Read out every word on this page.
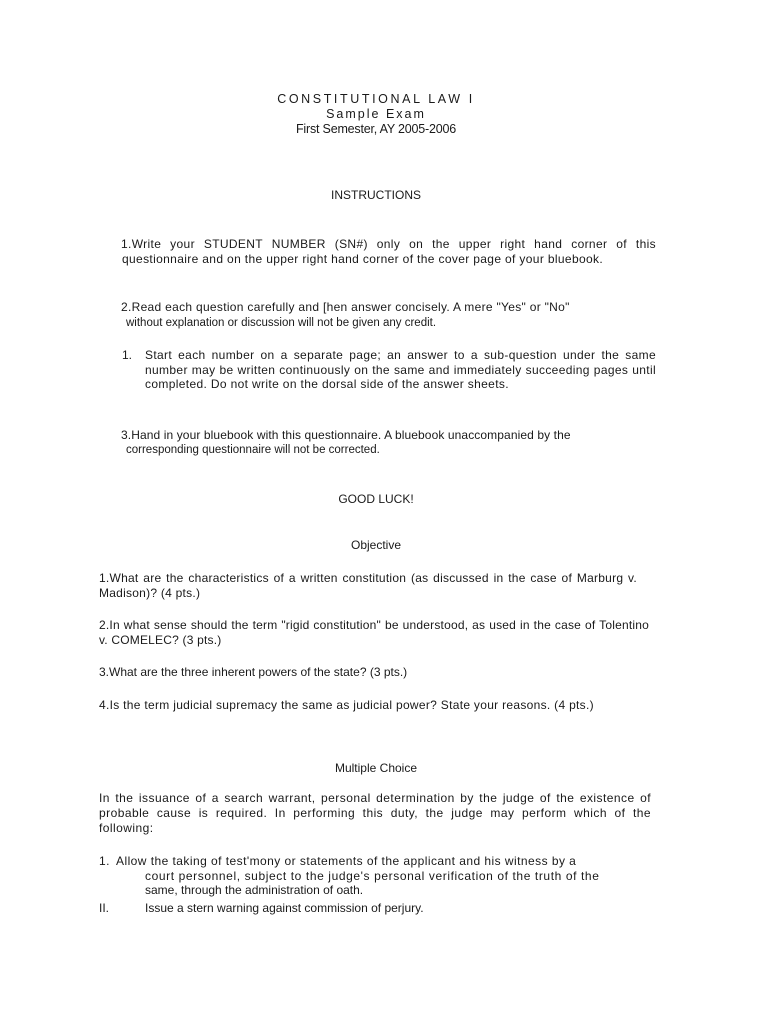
CONSTITUTIONAL LAW I
Sample Exam
First Semester, AY 2005-2006
INSTRUCTIONS
1.Write your STUDENT NUMBER (SN#) only on the upper right hand corner of this questionnaire and on the upper right hand corner of the cover page of your bluebook.

2.Read each question carefully and [hen answer concisely. A mere "Yes" or "No"

without explanation or discussion will not be given any credit.

1. Start each number on a separate page; an answer to a sub-question under the same number may be written continuously on the same and immediately succeeding pages until completed. Do not write on the dorsal side of the answer sheets.

3.Hand in your bluebook with this questionnaire. A bluebook unaccompanied by the

corresponding questionnaire will not be corrected.

GOOD LUCK!
Objective
1.What are the characteristics of a written constitution (as discussed in the case of Marburg v. Madison)? (4 pts.)
2.In what sense should the term "rigid constitution" be understood, as used in the case of Tolentino v. COMELEC? (3 pts.)
3.What are the three inherent powers of the state? (3 pts.)
4.Is the term judicial supremacy the same as judicial power? State your reasons. (4 pts.)
Multiple Choice
In the issuance of a search warrant, personal determination by the judge of the existence of probable cause is required. In performing this duty, the judge may perform which of the following:
1. Allow the taking of test'mony or statements of the applicant and his witness by a
court personnel, subject to the judge's personal verification of the truth of the
same, through the administration of oath.
II.	Issue a stern warning against commission of perjury.
